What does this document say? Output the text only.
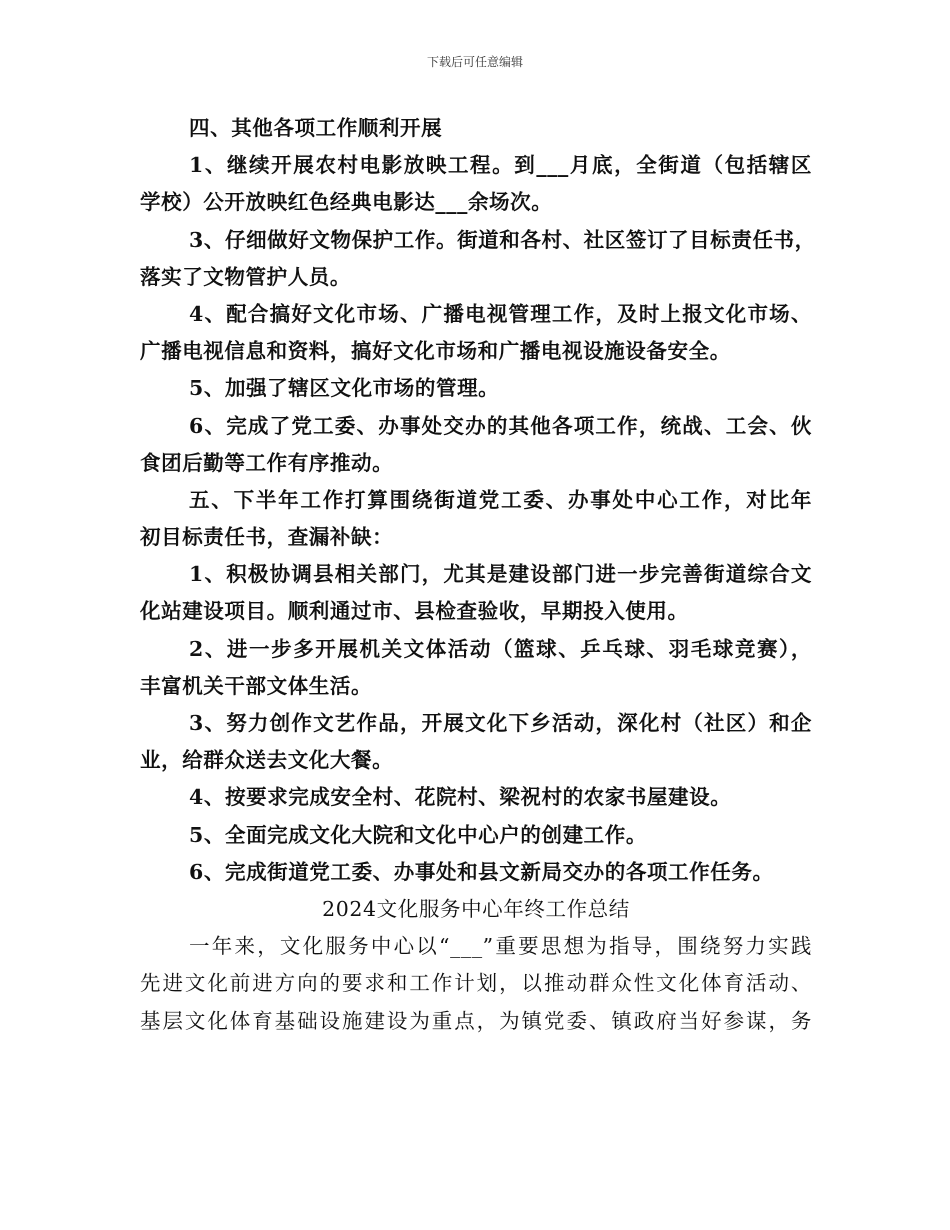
下载后可任意编辑
四、其他各项工作顺利开展
1、继续开展农村电影放映工程。到___月底，全街道（包括辖区
学校）公开放映红色经典电影达___余场次。
3、仔细做好文物保护工作。街道和各村、社区签订了目标责任书，
落实了文物管护人员。
4、配合搞好文化市场、广播电视管理工作，及时上报文化市场、
广播电视信息和资料，搞好文化市场和广播电视设施设备安全。
5、加强了辖区文化市场的管理。
6、完成了党工委、办事处交办的其他各项工作，统战、工会、伙
食团后勤等工作有序推动。
五、下半年工作打算围绕街道党工委、办事处中心工作，对比年
初目标责任书，查漏补缺：
1、积极协调县相关部门，尤其是建设部门进一步完善街道综合文
化站建设项目。顺利通过市、县检查验收，早期投入使用。
2、进一步多开展机关文体活动（篮球、乒乓球、羽毛球竞赛），
丰富机关干部文体生活。
3、努力创作文艺作品，开展文化下乡活动，深化村（社区）和企
业，给群众送去文化大餐。
4、按要求完成安全村、花院村、梁祝村的农家书屋建设。
5、全面完成文化大院和文化中心户的创建工作。
6、完成街道党工委、办事处和县文新局交办的各项工作任务。
2024文化服务中心年终工作总结
一年来，文化服务中心以“___”重要思想为指导，围绕努力实践
先进文化前进方向的要求和工作计划，以推动群众性文化体育活动、
基层文化体育基础设施建设为重点，为镇党委、镇政府当好参谋，务
